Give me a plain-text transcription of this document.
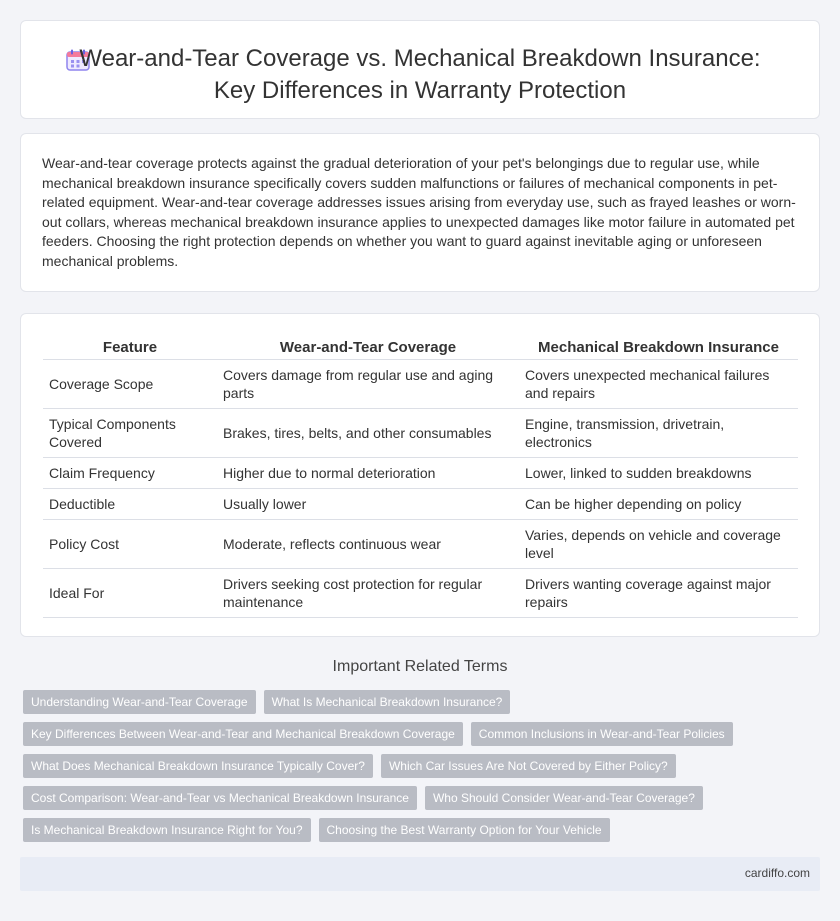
Wear-and-Tear Coverage vs. Mechanical Breakdown Insurance:
Key Differences in Warranty Protection

Wear-and-tear coverage protects against the gradual deterioration of your pet's belongings due to regular use, while mechanical breakdown insurance specifically covers sudden malfunctions or failures of mechanical components in pet-related equipment. Wear-and-tear coverage addresses issues arising from everyday use, such as frayed leashes or worn-out collars, whereas mechanical breakdown insurance applies to unexpected damages like motor failure in automated pet feeders. Choosing the right protection depends on whether you want to guard against inevitable aging or unforeseen mechanical problems.

Feature	Wear-and-Tear Coverage	Mechanical Breakdown Insurance
Coverage Scope	Covers damage from regular use and aging parts	Covers unexpected mechanical failures and repairs
Typical Components Covered	Brakes, tires, belts, and other consumables	Engine, transmission, drivetrain, electronics
Claim Frequency	Higher due to normal deterioration	Lower, linked to sudden breakdowns
Deductible	Usually lower	Can be higher depending on policy
Policy Cost	Moderate, reflects continuous wear	Varies, depends on vehicle and coverage level
Ideal For	Drivers seeking cost protection for regular maintenance	Drivers wanting coverage against major repairs
Important Related Terms
Understanding Wear-and-Tear Coverage	What Is Mechanical Breakdown Insurance?
Key Differences Between Wear-and-Tear and Mechanical Breakdown Coverage	Common Inclusions in Wear-and-Tear Policies
What Does Mechanical Breakdown Insurance Typically Cover?	Which Car Issues Are Not Covered by Either Policy?
Cost Comparison: Wear-and-Tear vs Mechanical Breakdown Insurance	Who Should Consider Wear-and-Tear Coverage?
Is Mechanical Breakdown Insurance Right for You?	Choosing the Best Warranty Option for Your Vehicle
cardiffo.com
